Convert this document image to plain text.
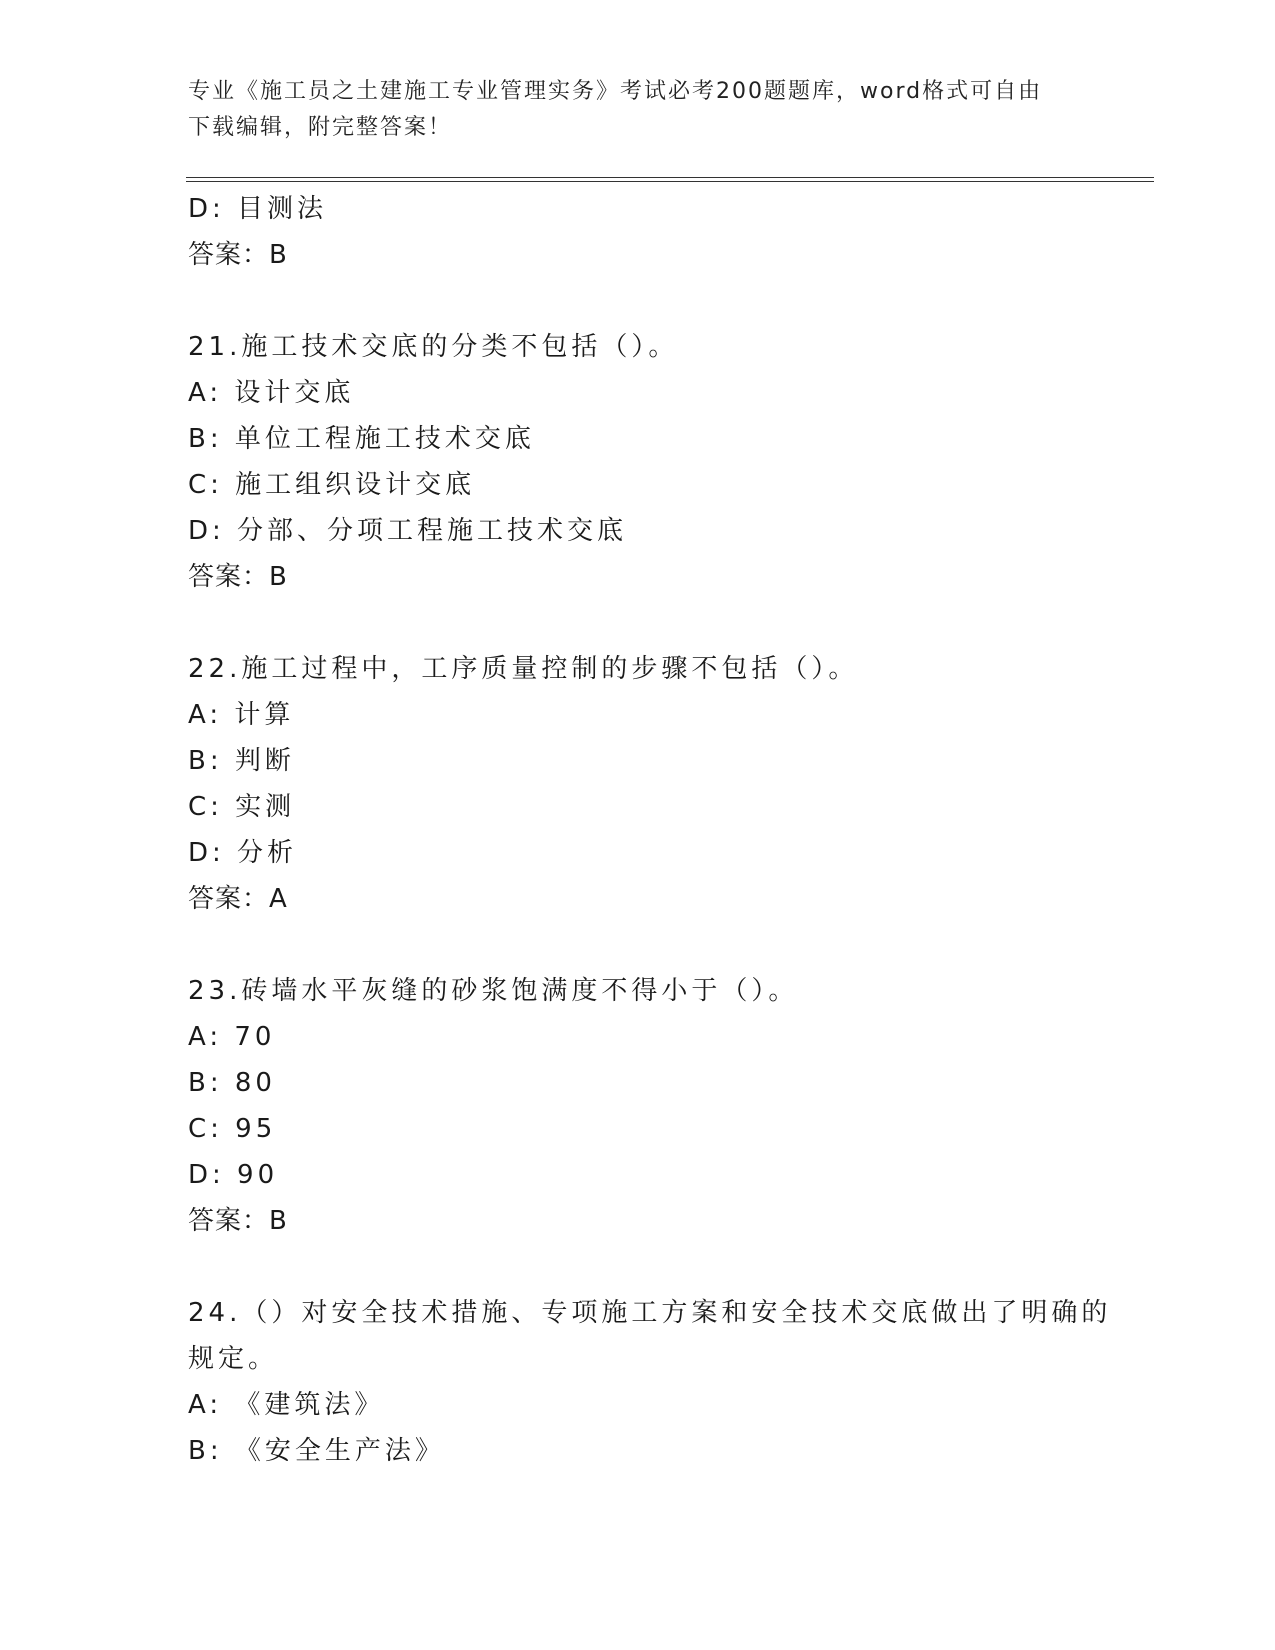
专业《施工员之土建施工专业管理实务》考试必考200题题库，word格式可自由
下载编辑，附完整答案！
D: 目测法
答案：B
21.施工技术交底的分类不包括（）。
A: 设计交底
B: 单位工程施工技术交底
C: 施工组织设计交底
D: 分部、分项工程施工技术交底
答案：B
22.施工过程中，工序质量控制的步骤不包括（）。
A: 计算
B: 判断
C: 实测
D: 分析
答案：A
23.砖墙水平灰缝的砂浆饱满度不得小于（）。
A: 70
B: 80
C: 95
D: 90
答案：B
24.（）对安全技术措施、专项施工方案和安全技术交底做出了明确的
规定。
A: 《建筑法》
B: 《安全生产法》
